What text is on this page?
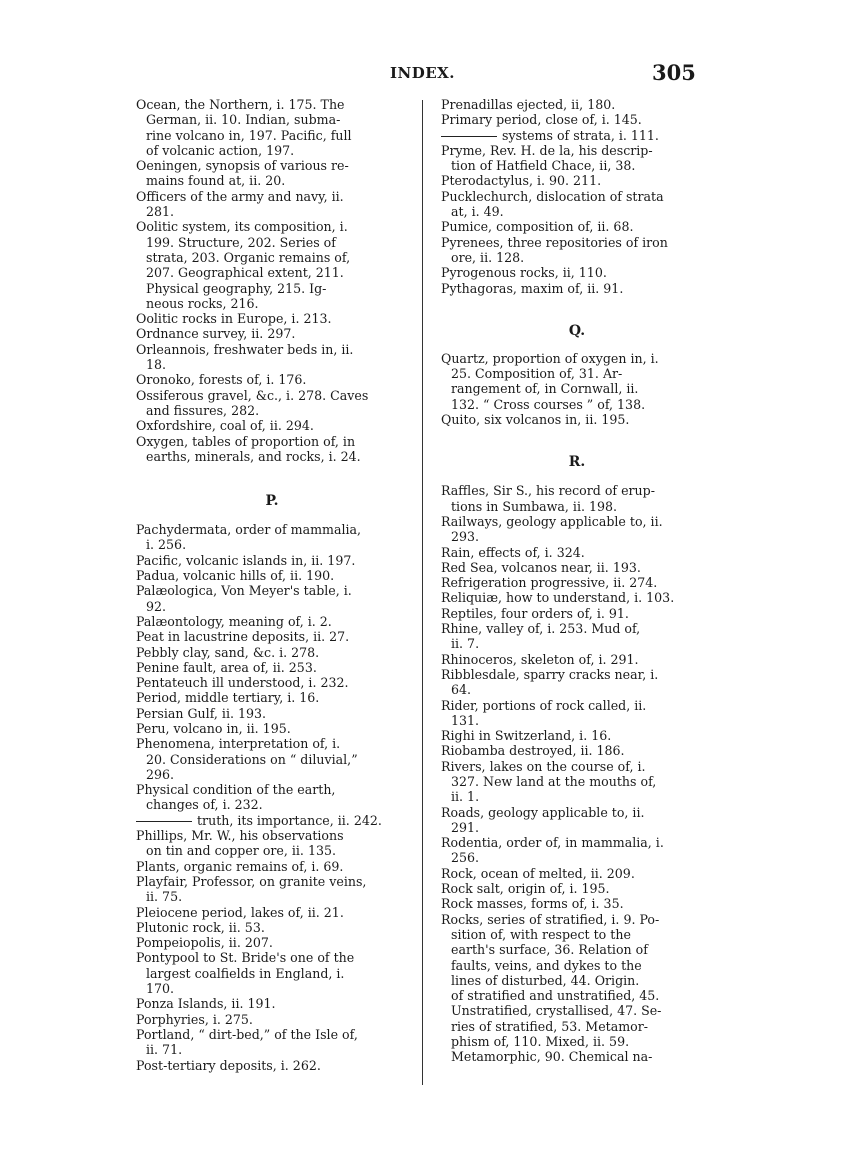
INDEX.	305
Ocean, the Northern, i. 175. The
German, ii. 10. Indian, subma-
rine volcano in, 197. Pacific, full
of volcanic action, 197.
Oeningen, synopsis of various re-
mains found at, ii. 20.
Officers of the army and navy, ii.
281.
Oolitic system, its composition, i.
199. Structure, 202. Series of
strata, 203. Organic remains of,
207. Geographical extent, 211.
Physical geography, 215. Ig-
neous rocks, 216.
Oolitic rocks in Europe, i. 213.
Ordnance survey, ii. 297.
Orleannois, freshwater beds in, ii.
18.
Oronoko, forests of, i. 176.
Ossiferous gravel, &c., i. 278. Caves
and fissures, 282.
Oxfordshire, coal of, ii. 294.
Oxygen, tables of proportion of, in
earths, minerals, and rocks, i. 24.
P.
Pachydermata, order of mammalia,
i. 256.
Pacific, volcanic islands in, ii. 197.
Padua, volcanic hills of, ii. 190.
Palæologica, Von Meyer's table, i.
92.
Palæontology, meaning of, i. 2.
Peat in lacustrine deposits, ii. 27.
Pebbly clay, sand, &c. i. 278.
Penine fault, area of, ii. 253.
Pentateuch ill understood, i. 232.
Period, middle tertiary, i. 16.
Persian Gulf, ii. 193.
Peru, volcano in, ii. 195.
Phenomena, interpretation of, i.
20. Considerations on “ diluvial,”
296.
Physical condition of the earth,
changes of, i. 232.
truth, its importance, ii. 242.
Phillips, Mr. W., his observations
on tin and copper ore, ii. 135.
Plants, organic remains of, i. 69.
Playfair, Professor, on granite veins,
ii. 75.
Pleiocene period, lakes of, ii. 21.
Plutonic rock, ii. 53.
Pompeiopolis, ii. 207.
Pontypool to St. Bride's one of the
largest coalfields in England, i.
170.
Ponza Islands, ii. 191.
Porphyries, i. 275.
Portland, “ dirt-bed,” of the Isle of,
ii. 71.
Post-tertiary deposits, i. 262.
Prenadillas ejected, ii, 180.
Primary period, close of, i. 145.
systems of strata, i. 111.
Pryme, Rev. H. de la, his descrip-
tion of Hatfield Chace, ii, 38.
Pterodactylus, i. 90. 211.
Pucklechurch, dislocation of strata
at, i. 49.
Pumice, composition of, ii. 68.
Pyrenees, three repositories of iron
ore, ii. 128.
Pyrogenous rocks, ii, 110.
Pythagoras, maxim of, ii. 91.
Q.
Quartz, proportion of oxygen in, i.
25. Composition of, 31. Ar-
rangement of, in Cornwall, ii.
132. “ Cross courses ” of, 138.
Quito, six volcanos in, ii. 195.
R.
Raffles, Sir S., his record of erup-
tions in Sumbawa, ii. 198.
Railways, geology applicable to, ii.
293.
Rain, effects of, i. 324.
Red Sea, volcanos near, ii. 193.
Refrigeration progressive, ii. 274.
Reliquiæ, how to understand, i. 103.
Reptiles, four orders of, i. 91.
Rhine, valley of, i. 253. Mud of,
ii. 7.
Rhinoceros, skeleton of, i. 291.
Ribblesdale, sparry cracks near, i.
64.
Rider, portions of rock called, ii.
131.
Righi in Switzerland, i. 16.
Riobamba destroyed, ii. 186.
Rivers, lakes on the course of, i.
327. New land at the mouths of,
ii. 1.
Roads, geology applicable to, ii.
291.
Rodentia, order of, in mammalia, i.
256.
Rock, ocean of melted, ii. 209.
Rock salt, origin of, i. 195.
Rock masses, forms of, i. 35.
Rocks, series of stratified, i. 9. Po-
sition of, with respect to the
earth's surface, 36. Relation of
faults, veins, and dykes to the
lines of disturbed, 44. Origin.
of stratified and unstratified, 45.
Unstratified, crystallised, 47. Se-
ries of stratified, 53. Metamor-
phism of, 110. Mixed, ii. 59.
Metamorphic, 90. Chemical na-
